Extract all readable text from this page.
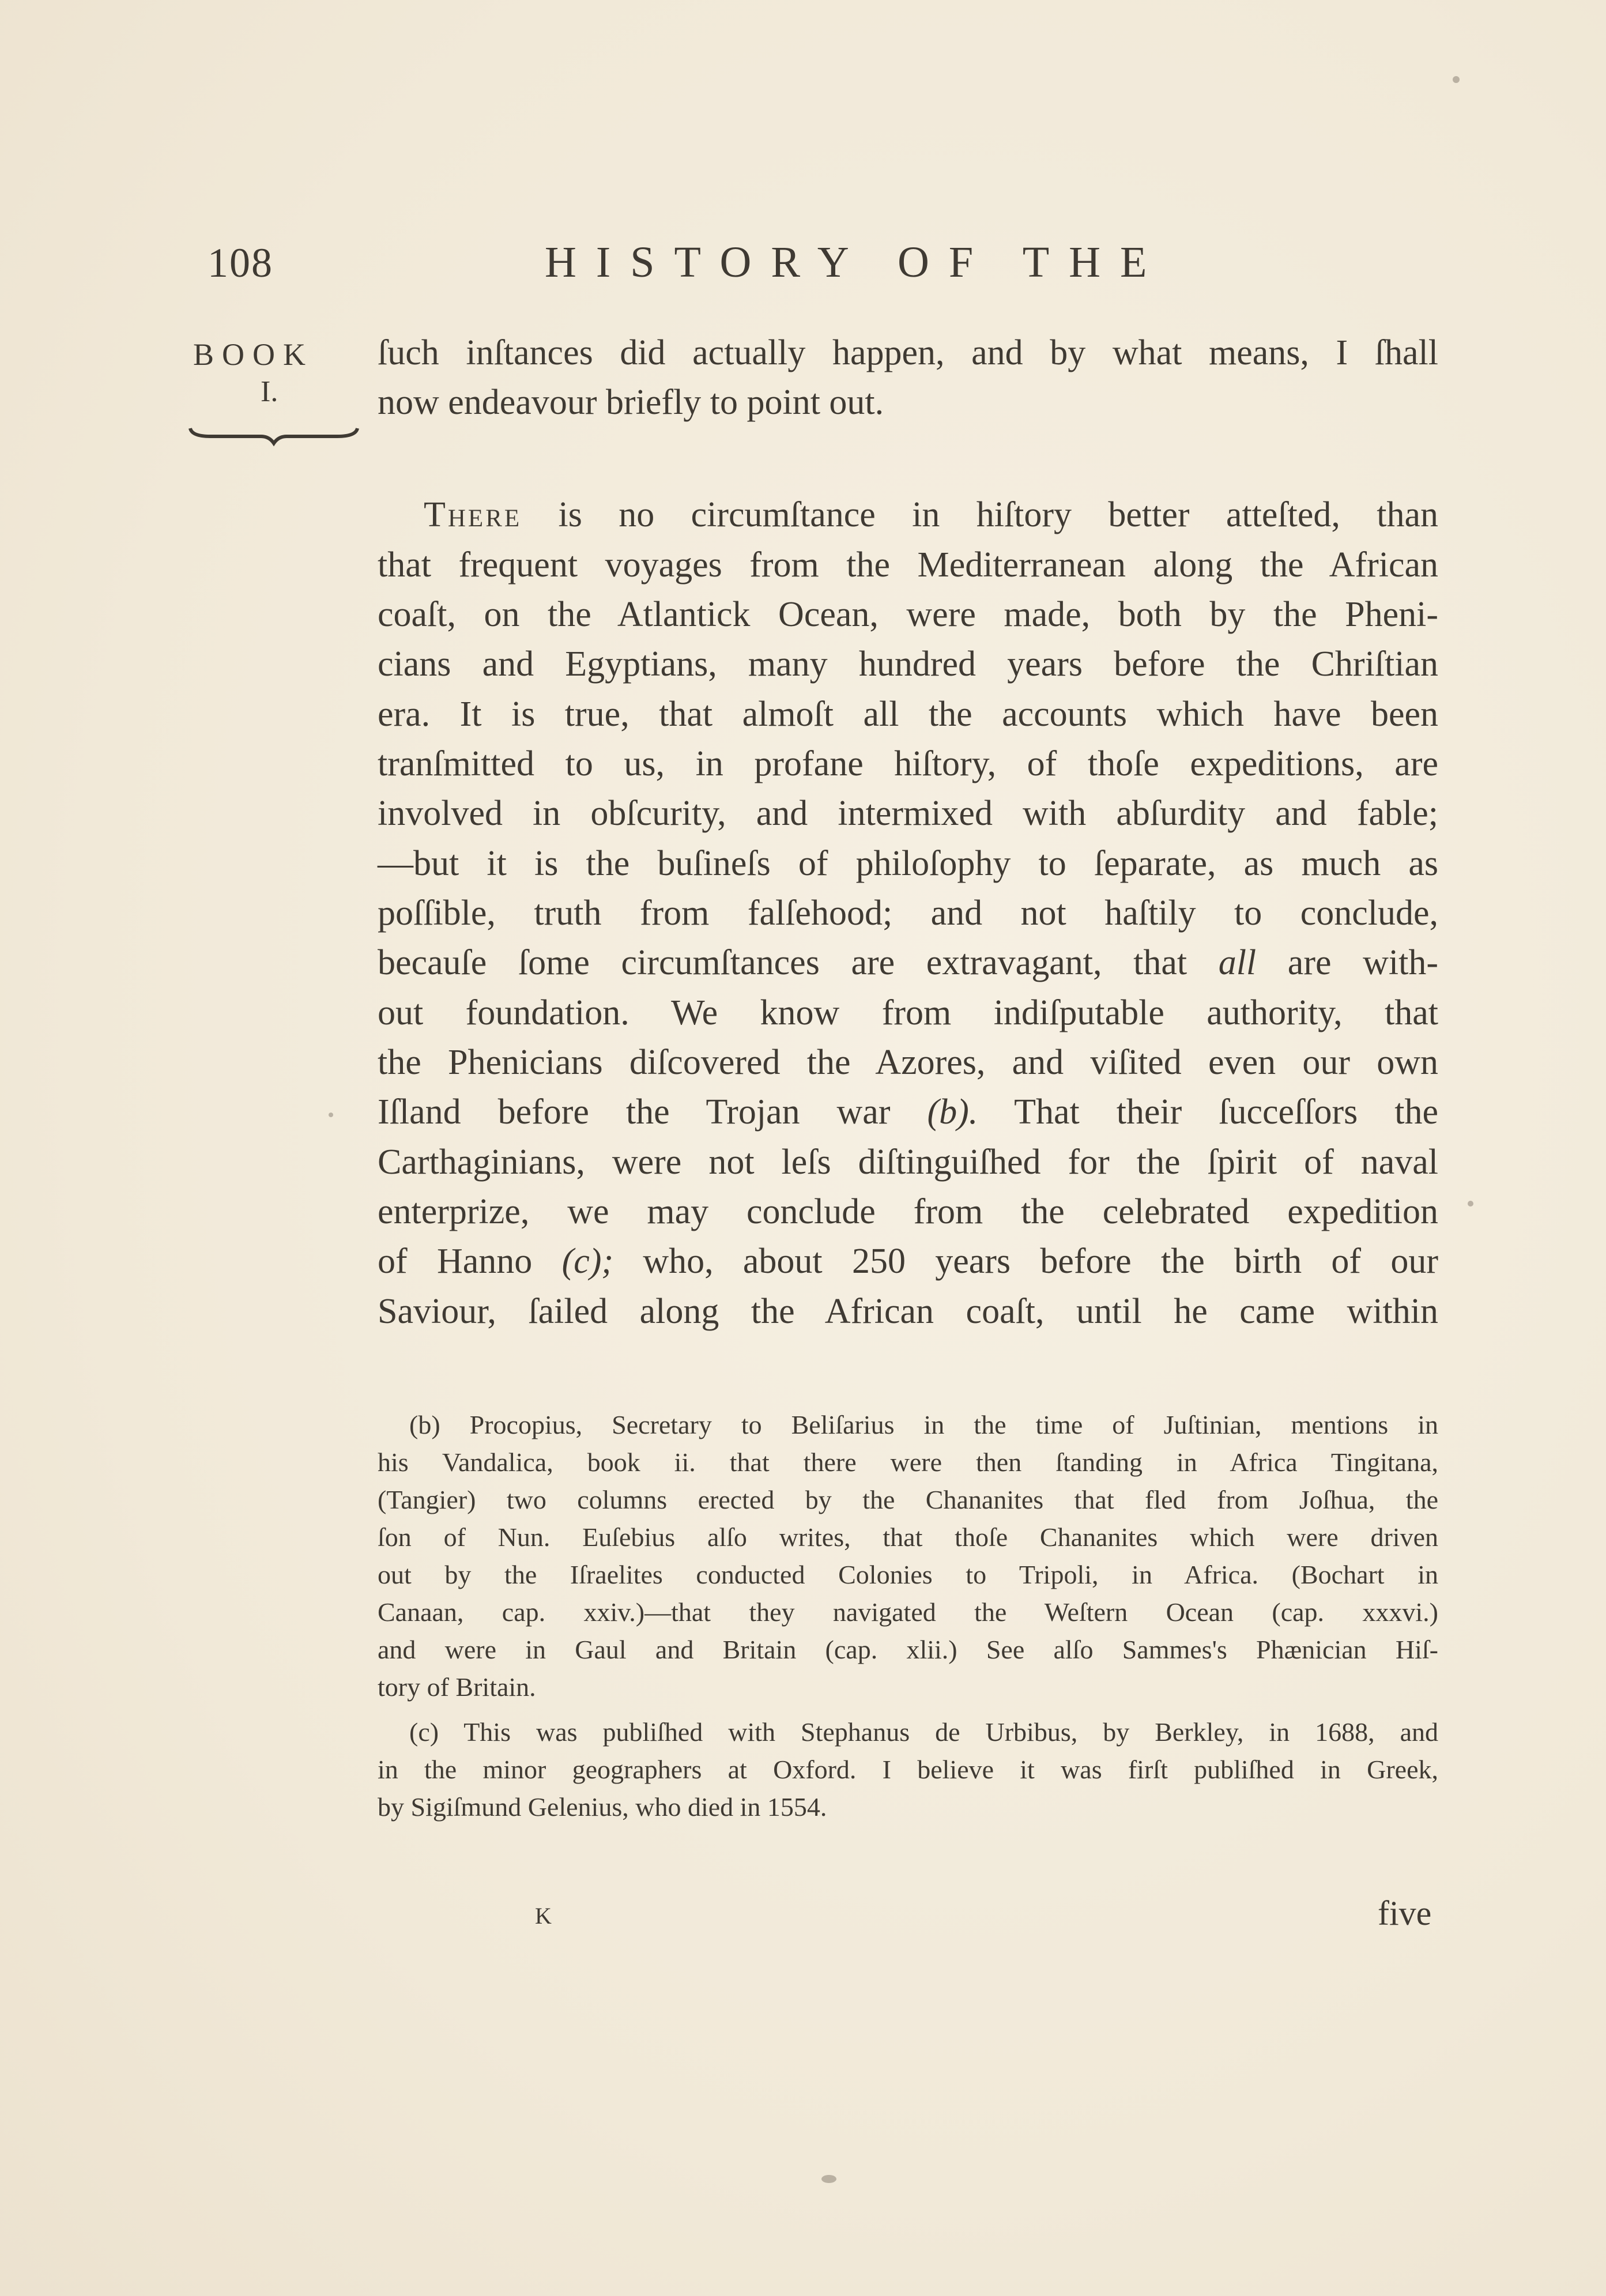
108	HISTORY OF THE
BOOK
I.
ſuch inſtances did actually happen, and by what means, I ſhall
now endeavour briefly to point out.
There is no circumſtance in hiſtory better atteſted, than
that frequent voyages from the Mediterranean along the African
coaſt, on the Atlantick Ocean, were made, both by the Pheni-
cians and Egyptians, many hundred years before the Chriſtian
era. It is true, that almoſt all the accounts which have been
tranſmitted to us, in profane hiſtory, of thoſe expeditions, are
involved in obſcurity, and intermixed with abſurdity and fable;
—but it is the buſineſs of philoſophy to ſeparate, as much as
poſſible, truth from falſehood; and not haſtily to conclude,
becauſe ſome circumſtances are extravagant, that all are with-
out foundation. We know from indiſputable authority, that
the Phenicians diſcovered the Azores, and viſited even our own
Iſland before the Trojan war (b). That their ſucceſſors the
Carthaginians, were not leſs diſtinguiſhed for the ſpirit of naval
enterprize, we may conclude from the celebrated expedition
of Hanno (c); who, about 250 years before the birth of our
Saviour, ſailed along the African coaſt, until he came within
(b) Procopius, Secretary to Beliſarius in the time of Juſtinian, mentions in
his Vandalica, book ii. that there were then ſtanding in Africa Tingitana,
(Tangier) two columns erected by the Chananites that fled from Joſhua, the
ſon of Nun. Euſebius alſo writes, that thoſe Chananites which were driven
out by the Iſraelites conducted Colonies to Tripoli, in Africa. (Bochart in
Canaan, cap. xxiv.)—that they navigated the Weſtern Ocean (cap. xxxvi.)
and were in Gaul and Britain (cap. xlii.) See alſo Sammes's Phænician Hiſ-
tory of Britain.
(c) This was publiſhed with Stephanus de Urbibus, by Berkley, in 1688, and
in the minor geographers at Oxford. I believe it was firſt publiſhed in Greek,
by Sigiſmund Gelenius, who died in 1554.
K	five
